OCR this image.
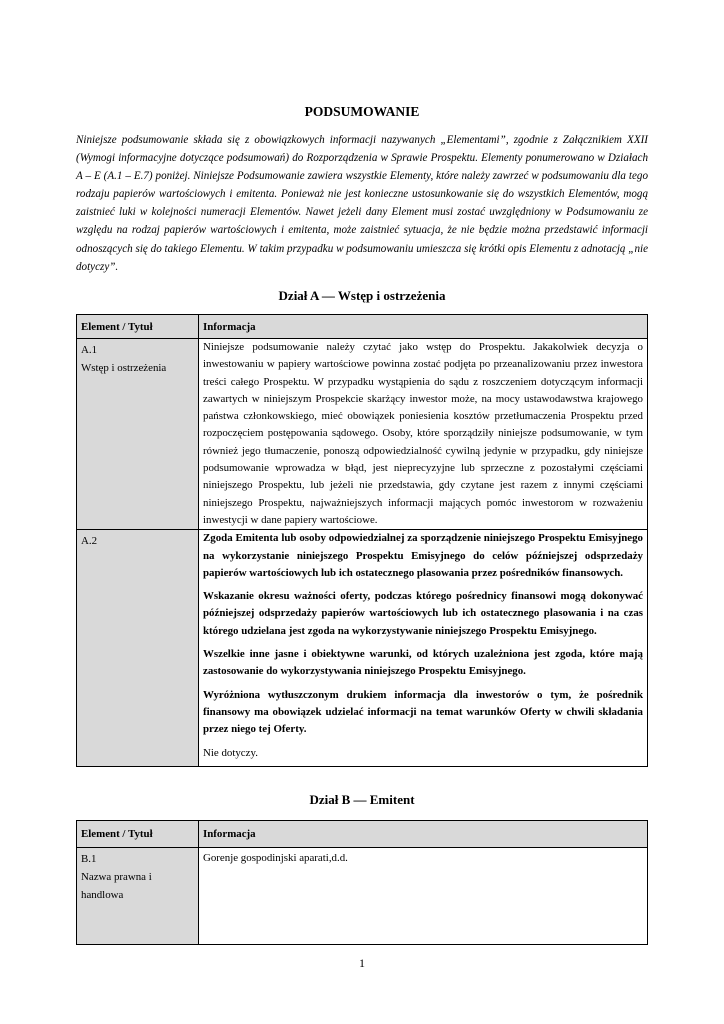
PODSUMOWANIE

Niniejsze podsumowanie składa się z obowiązkowych informacji nazywanych „Elementami”, zgodnie z Załącznikiem XXII (Wymogi informacyjne dotyczące podsumowań) do Rozporządzenia w Sprawie Prospektu. Elementy ponumerowano w Działach A – E (A.1 – E.7) poniżej. Niniejsze Podsumowanie zawiera wszystkie Elementy, które należy zawrzeć w podsumowaniu dla tego rodzaju papierów wartościowych i emitenta. Ponieważ nie jest konieczne ustosunkowanie się do wszystkich Elementów, mogą zaistnieć luki w kolejności numeracji Elementów. Nawet jeżeli dany Element musi zostać uwzględniony w Podsumowaniu ze względu na rodzaj papierów wartościowych i emitenta, może zaistnieć sytuacja, że nie będzie można przedstawić informacji odnoszących się do takiego Elementu. W takim przypadku w podsumowaniu umieszcza się krótki opis Elementu z adnotacją „nie dotyczy”.

Dział A — Wstęp i ostrzeżenia
Element / Tytuł	Informacja

A.1
Wstęp i ostrzeżenia	Niniejsze podsumowanie należy czytać jako wstęp do Prospektu. Jakakolwiek decyzja o inwestowaniu w papiery wartościowe powinna zostać podjęta po przeanalizowaniu przez inwestora treści całego Prospektu. W przypadku wystąpienia do sądu z roszczeniem dotyczącym informacji zawartych w niniejszym Prospekcie skarżący inwestor może, na mocy ustawodawstwa krajowego państwa członkowskiego, mieć obowiązek poniesienia kosztów przetłumaczenia Prospektu przed rozpoczęciem postępowania sądowego. Osoby, które sporządziły niniejsze podsumowanie, w tym również jego tłumaczenie, ponoszą odpowiedzialność cywilną jedynie w przypadku, gdy niniejsze podsumowanie wprowadza w błąd, jest nieprecyzyjne lub sprzeczne z pozostałymi częściami niniejszego Prospektu, lub jeżeli nie przedstawia, gdy czytane jest razem z innymi częściami niniejszego Prospektu, najważniejszych informacji mających pomóc inwestorom w rozważeniu inwestycji w dane papiery wartościowe.

A.2	Zgoda Emitenta lub osoby odpowiedzialnej za sporządzenie niniejszego Prospektu Emisyjnego na wykorzystanie niniejszego Prospektu Emisyjnego do celów późniejszej odsprzedaży papierów wartościowych lub ich ostatecznego plasowania przez pośredników finansowych.

Wskazanie okresu ważności oferty, podczas którego pośrednicy finansowi mogą dokonywać późniejszej odsprzedaży papierów wartościowych lub ich ostatecznego plasowania i na czas którego udzielana jest zgoda na wykorzystywanie niniejszego Prospektu Emisyjnego.

Wszelkie inne jasne i obiektywne warunki, od których uzależniona jest zgoda, które mają zastosowanie do wykorzystywania niniejszego Prospektu Emisyjnego.

Wyróżniona wytłuszczonym drukiem informacja dla inwestorów o tym, że pośrednik finansowy ma obowiązek udzielać informacji na temat warunków Oferty w chwili składania przez niego tej Oferty.

Nie dotyczy.

Dział B — Emitent
Element / Tytuł	Informacja

B.1
Nazwa prawna i handlowa	Gorenje gospodinjski aparati,d.d.

1
